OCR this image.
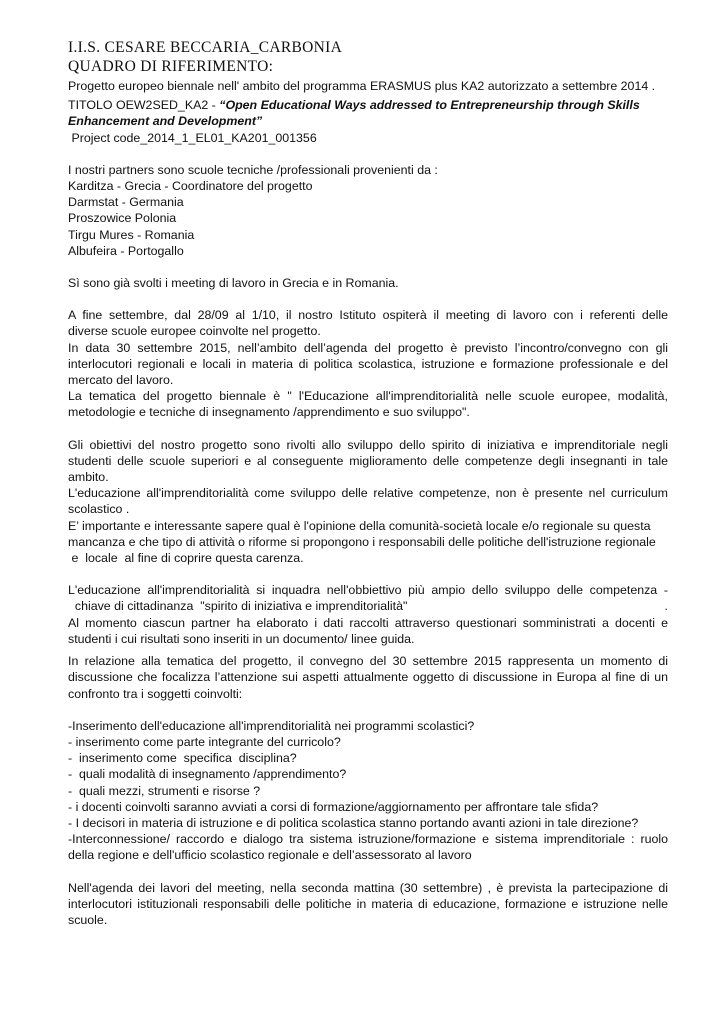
I.I.S. CESARE BECCARIA_CARBONIA

QUADRO DI RIFERIMENTO:

Progetto europeo biennale nell' ambito del programma ERASMUS plus KA2 autorizzato a settembre 2014 .

TITOLO OEW2SED_KA2 - “Open Educational Ways addressed to Entrepreneurship through Skills

Enhancement and Development”

Project code_2014_1_EL01_KA201_001356

I nostri partners sono scuole tecniche /professionali provenienti da :

Karditza - Grecia - Coordinatore del progetto

Darmstat - Germania

Proszowice Polonia

Tirgu Mures - Romania

Albufeira - Portogallo

Sì sono già svolti i meeting di lavoro in Grecia e in Romania.

A fine settembre, dal 28/09 al 1/10, il nostro Istituto ospiterà il meeting di lavoro con i referenti delle

diverse scuole europee coinvolte nel progetto.

In data 30 settembre 2015, nell’ambito dell’agenda del progetto è previsto l’incontro/convegno con gli

interlocutori regionali e locali in materia di politica scolastica, istruzione e formazione professionale e del

mercato del lavoro.

La tematica del progetto biennale è " l'Educazione all'imprenditorialità nelle scuole europee, modalità,

metodologie e tecniche di insegnamento /apprendimento e suo sviluppo".

Gli obiettivi del nostro progetto sono rivolti allo sviluppo dello spirito di iniziativa e imprenditoriale negli

studenti delle scuole superiori e al conseguente miglioramento delle competenze degli insegnanti in tale

ambito.

L'educazione all'imprenditorialità come sviluppo delle relative competenze, non è presente nel curriculum

scolastico .

E’ importante e interessante sapere qual è l'opinione della comunità-società locale e/o regionale su questa

mancanza e che tipo di attività o riforme si propongono i responsabili delle politiche dell'istruzione regionale

e  locale  al fine di coprire questa carenza.

L'educazione all'imprenditorialità si inquadra nell'obbiettivo più ampio dello sviluppo delle competenza -

chiave di cittadinanza  "spirito di iniziativa e imprenditorialità"	.

Al momento ciascun partner ha elaborato i dati raccolti attraverso questionari somministrati a docenti e

studenti i cui risultati sono inseriti in un documento/ linee guida.

In relazione alla tematica del progetto, il convegno del 30 settembre 2015 rappresenta un momento di

discussione che focalizza l’attenzione sui aspetti attualmente oggetto di discussione in Europa al fine di un

confronto tra i soggetti coinvolti:

-Inserimento dell'educazione all'imprenditorialità nei programmi scolastici?

- inserimento come parte integrante del curricolo?

-  inserimento come  specifica  disciplina?

-  quali modalità di insegnamento /apprendimento?

-  quali mezzi, strumenti e risorse ?

- i docenti coinvolti saranno avviati a corsi di formazione/aggiornamento per affrontare tale sfida?

- I decisori in materia di istruzione e di politica scolastica stanno portando avanti azioni in tale direzione?

-Interconnessione/ raccordo e dialogo tra sistema istruzione/formazione e sistema imprenditoriale : ruolo

della regione e dell'ufficio scolastico regionale e dell’assessorato al lavoro

Nell'agenda dei lavori del meeting, nella seconda mattina (30 settembre) , è prevista la partecipazione di

interlocutori istituzionali responsabili delle politiche in materia di educazione, formazione e istruzione nelle

scuole.
